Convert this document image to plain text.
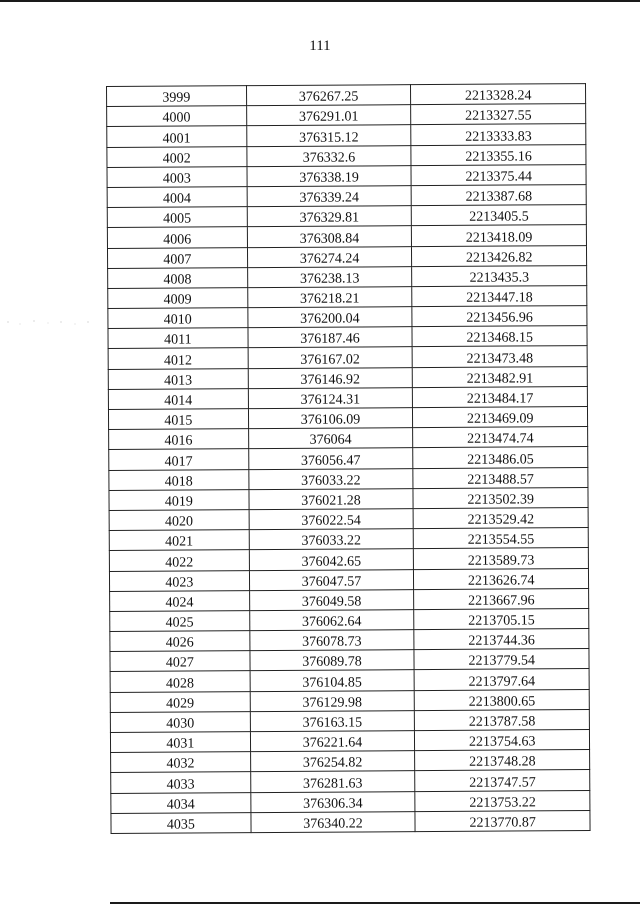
111
3999	376267.25	2213328.24
4000	376291.01	2213327.55
4001	376315.12	2213333.83
4002	376332.6	2213355.16
4003	376338.19	2213375.44
4004	376339.24	2213387.68
4005	376329.81	2213405.5
4006	376308.84	2213418.09
4007	376274.24	2213426.82
4008	376238.13	2213435.3
4009	376218.21	2213447.18
4010	376200.04	2213456.96
4011	376187.46	2213468.15
4012	376167.02	2213473.48
4013	376146.92	2213482.91
4014	376124.31	2213484.17
4015	376106.09	2213469.09
4016	376064	2213474.74
4017	376056.47	2213486.05
4018	376033.22	2213488.57
4019	376021.28	2213502.39
4020	376022.54	2213529.42
4021	376033.22	2213554.55
4022	376042.65	2213589.73
4023	376047.57	2213626.74
4024	376049.58	2213667.96
4025	376062.64	2213705.15
4026	376078.73	2213744.36
4027	376089.78	2213779.54
4028	376104.85	2213797.64
4029	376129.98	2213800.65
4030	376163.15	2213787.58
4031	376221.64	2213754.63
4032	376254.82	2213748.28
4033	376281.63	2213747.57
4034	376306.34	2213753.22
4035	376340.22	2213770.87
